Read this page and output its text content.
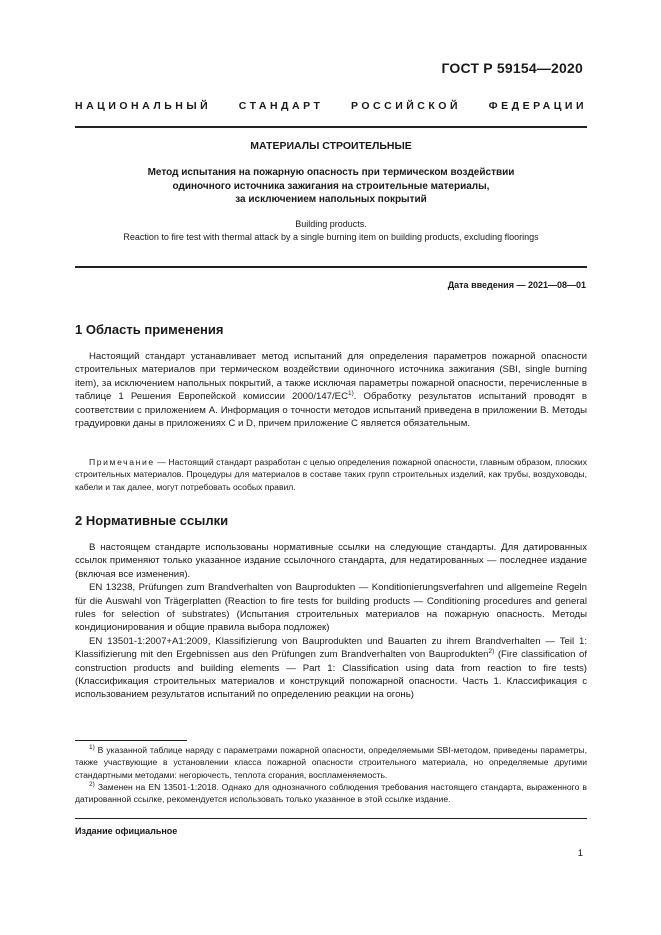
ГОСТ Р 59154—2020
НАЦИОНАЛЬНЫЙ СТАНДАРТ РОССИЙСКОЙ ФЕДЕРАЦИИ
МАТЕРИАЛЫ СТРОИТЕЛЬНЫЕ
Метод испытания на пожарную опасность при термическом воздействии
одиночного источника зажигания на строительные материалы,
за исключением напольных покрытий
Building products.
Reaction to fire test with thermal attack by a single burning item on building products, excluding floorings
Дата введения — 2021—08—01
1 Область применения

Настоящий стандарт устанавливает метод испытаний для определения параметров пожарной опасности строительных материалов при термическом воздействии одиночного источника зажигания (SBI, single burning item), за исключением напольных покрытий, а также исключая параметры пожарной опасности, перечисленные в таблице 1 Решения Европейской комиссии 2000/147/ЕС$^{1)}$. Обработку результатов испытаний проводят в соответствии с приложением А. Информация о точности методов испытаний приведена в приложении В. Методы градуировки даны в приложениях С и D, причем приложение С является обязательным.

Примечание — Настоящий стандарт разработан с целью определения пожарной опасности, главным образом, плоских строительных материалов. Процедуры для материалов в составе таких групп строительных изделий, как трубы, воздуховоды, кабели и так далее, могут потребовать особых правил.

2 Нормативные ссылки

В настоящем стандарте использованы нормативные ссылки на следующие стандарты. Для датированных ссылок применяют только указанное издание ссылочного стандарта, для недатированных — последнее издание (включая все изменения).

EN 13238, Prüfungen zum Brandverhalten von Bauprodukten — Konditionierungsverfahren und allgemeine Regeln für die Auswahl von Trägerplatten (Reaction to fire tests for building products — Conditioning procedures and general rules for selection of substrates) (Испытания строительных материалов на пожарную опасность. Методы кондиционирования и общие правила выбора подложек)

EN 13501-1:2007+A1:2009, Klassifizierung von Bauprodukten und Bauarten zu ihrem Brandverhalten — Teil 1: Klassifizierung mit den Ergebnissen aus den Prüfungen zum Brandverhalten von Bauprodukten$^{2)}$ (Fire classification of construction products and building elements — Part 1: Classification using data from reaction to fire tests) (Классификация строительных материалов и конструкций попожарной опасности. Часть 1. Классификация с использованием результатов испытаний по определению реакции на огонь)

$^{1)}$ В указанной таблице наряду с параметрами пожарной опасности, определяемыми SBI-методом, приведены параметры, также участвующие в установлении класса пожарной опасности строительного материала, но определяемые другими стандартными методами: негорючесть, теплота сгорания, воспламеняемость.

$^{2)}$ Заменен на EN 13501-1:2018. Однако для однозначного соблюдения требования настоящего стандарта, выраженного в датированной ссылке, рекомендуется использовать только указанное в этой ссылке издание.

Издание официальное
1
